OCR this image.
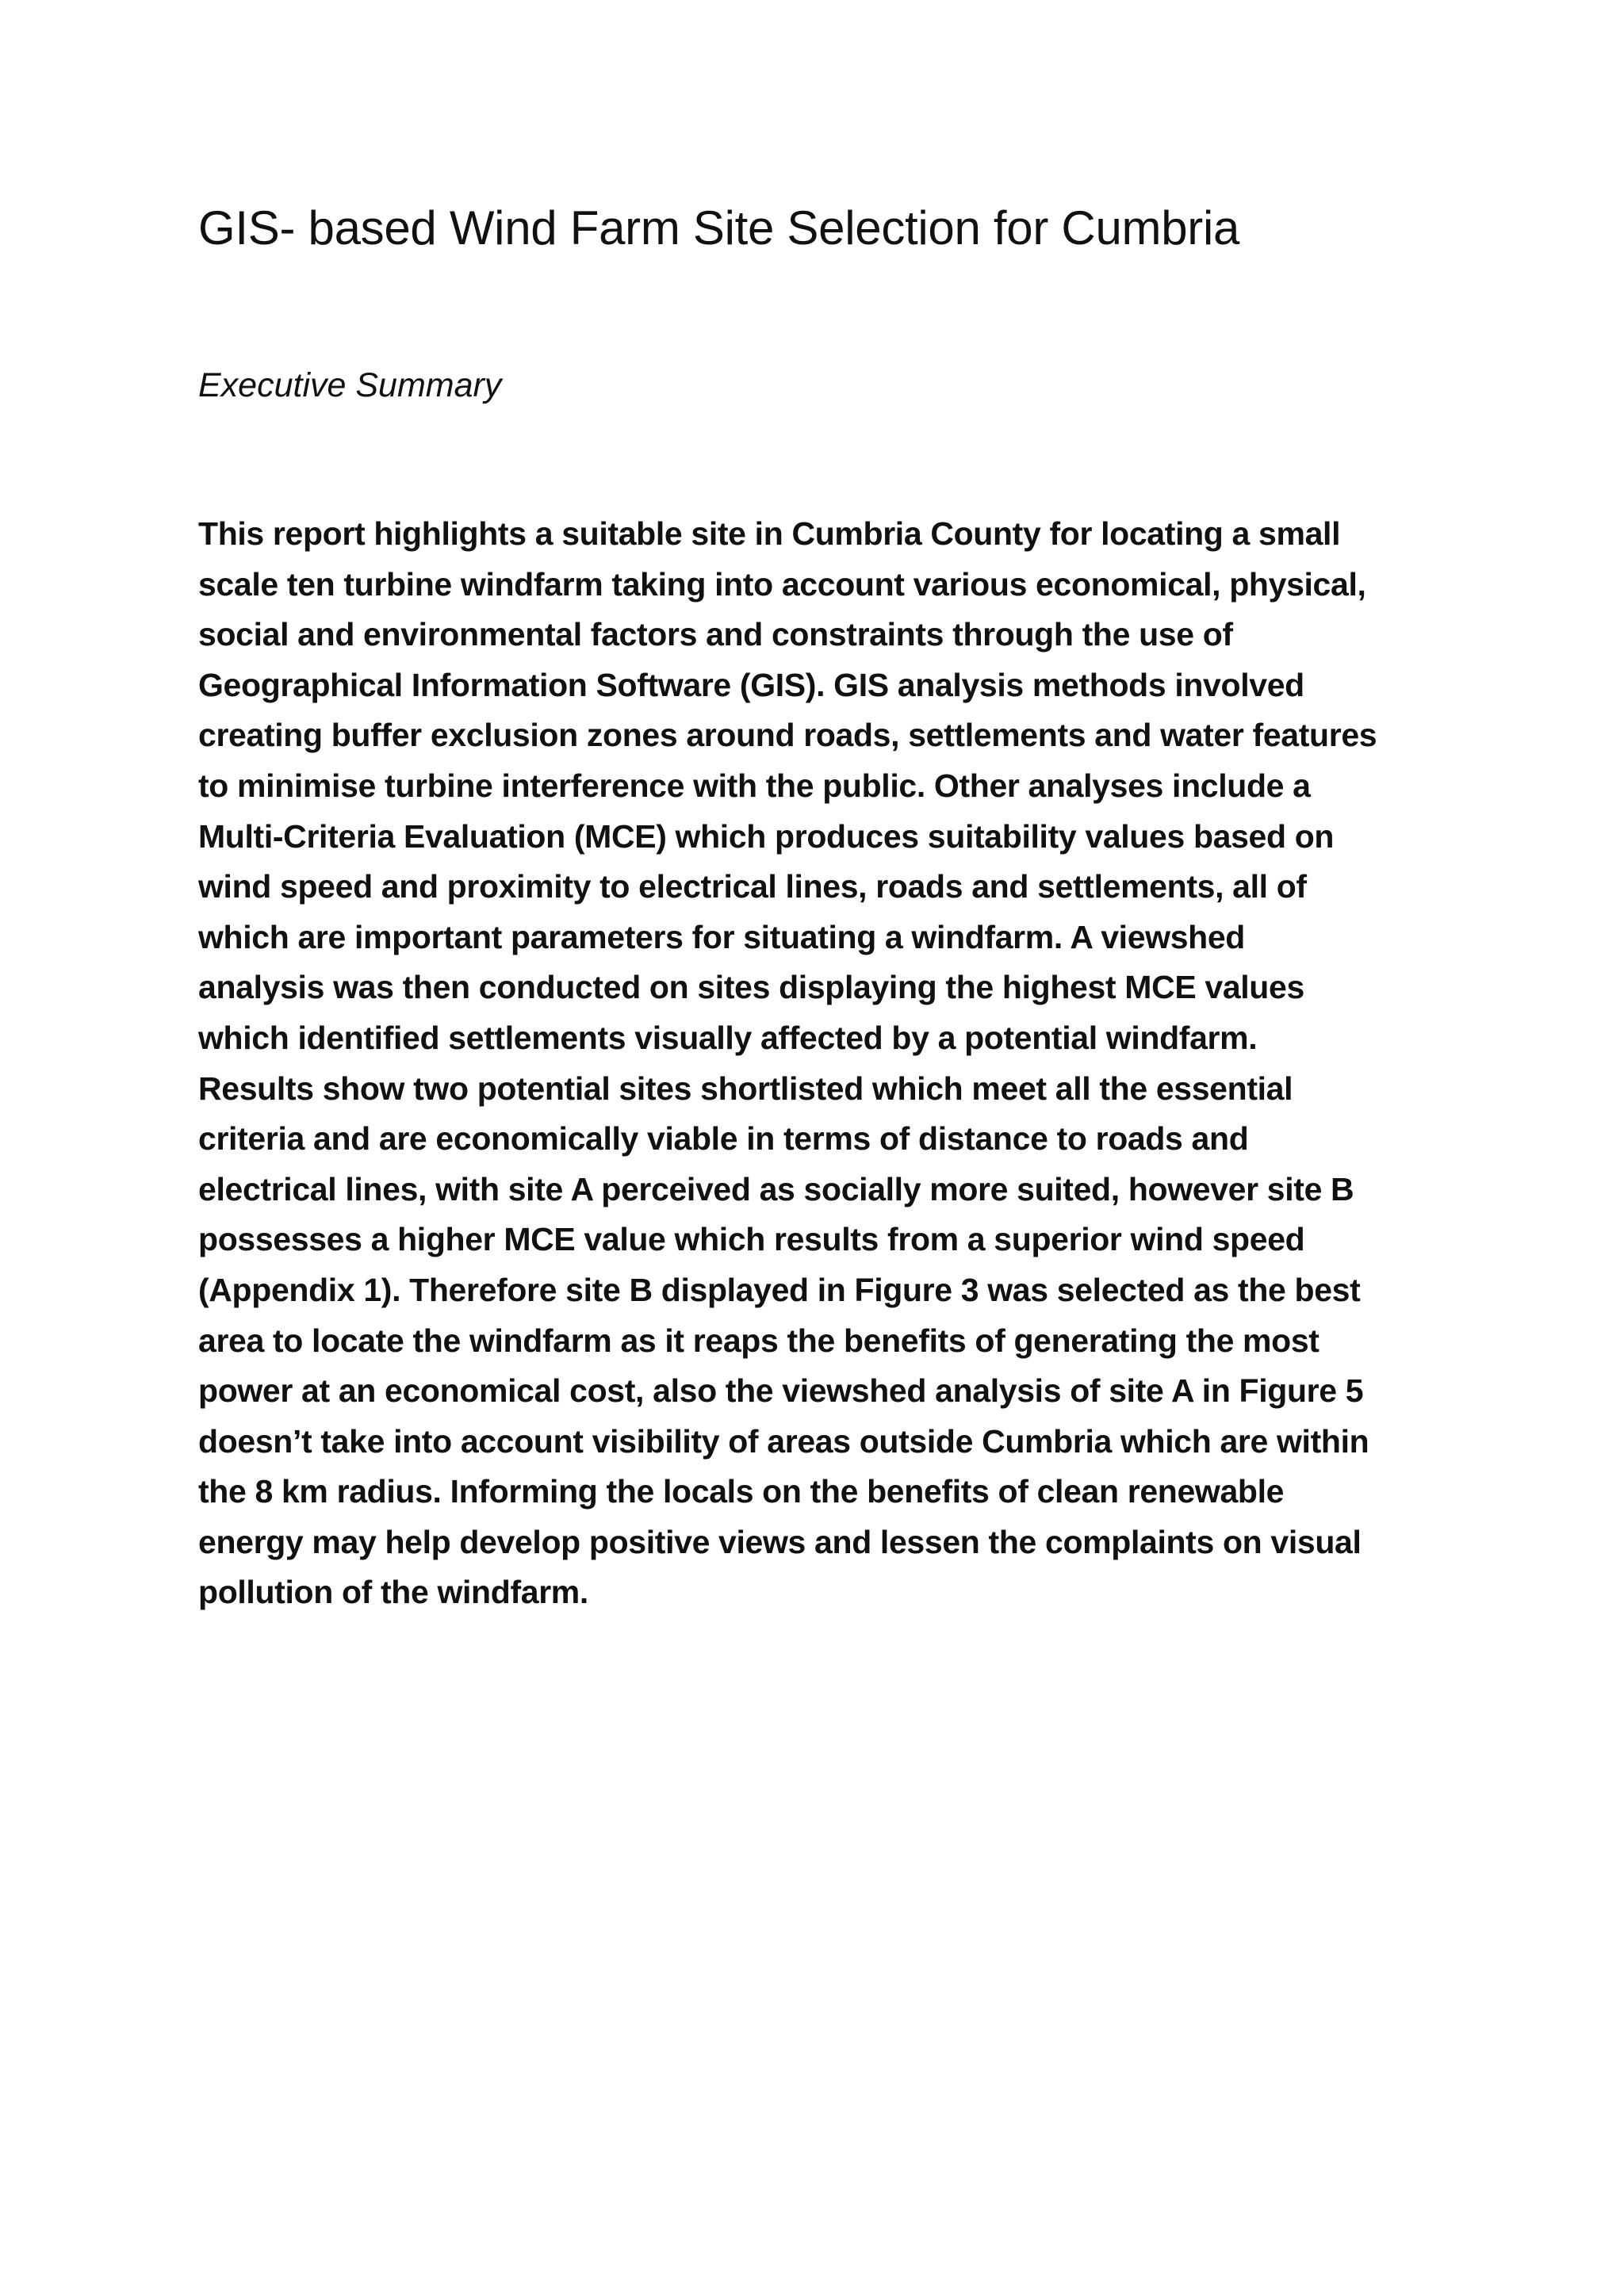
GIS- based Wind Farm Site Selection for Cumbria
Executive Summary

This report highlights a suitable site in Cumbria County for locating a small
scale ten turbine windfarm taking into account various economical, physical,
social and environmental factors and constraints through the use of
Geographical Information Software (GIS). GIS analysis methods involved
creating buffer exclusion zones around roads, settlements and water features
to minimise turbine interference with the public. Other analyses include a
Multi-Criteria Evaluation (MCE) which produces suitability values based on
wind speed and proximity to electrical lines, roads and settlements, all of
which are important parameters for situating a windfarm. A viewshed
analysis was then conducted on sites displaying the highest MCE values
which identified settlements visually affected by a potential windfarm.
Results show two potential sites shortlisted which meet all the essential
criteria and are economically viable in terms of distance to roads and
electrical lines, with site A perceived as socially more suited, however site B
possesses a higher MCE value which results from a superior wind speed
(Appendix 1). Therefore site B displayed in Figure 3 was selected as the best
area to locate the windfarm as it reaps the benefits of generating the most
power at an economical cost, also the viewshed analysis of site A in Figure 5
doesn’t take into account visibility of areas outside Cumbria which are within
the 8 km radius. Informing the locals on the benefits of clean renewable
energy may help develop positive views and lessen the complaints on visual
pollution of the windfarm.
